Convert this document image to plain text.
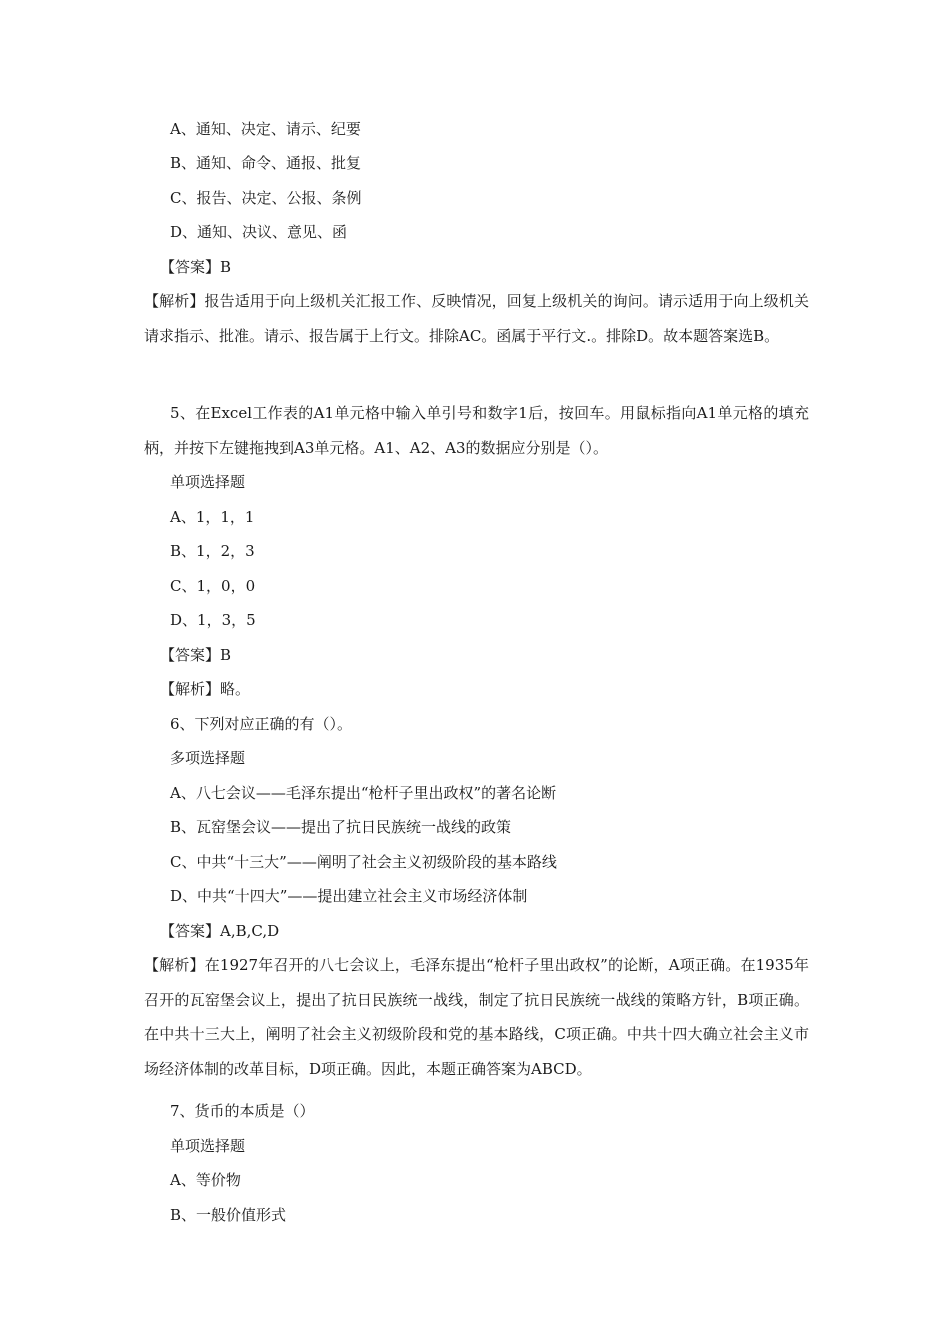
A、通知、决定、请示、纪要
B、通知、命令、通报、批复
C、报告、决定、公报、条例
D、通知、决议、意见、函
【答案】B
【解析】报告适用于向上级机关汇报工作、反映情况，回复上级机关的询问。请示适用于向上级机关请求指示、批准。请示、报告属于上行文。排除AC。函属于平行文.。排除D。故本题答案选B。
5、在Excel工作表的A1单元格中输入单引号和数字1后，按回车。用鼠标指向A1单元格的填充柄，并按下左键拖拽到A3单元格。A1、A2、A3的数据应分别是（）。
单项选择题
A、1，1，1
B、1，2，3
C、1，0，0
D、1，3，5
【答案】B
【解析】略。
6、下列对应正确的有（）。
多项选择题
A、八七会议——毛泽东提出“枪杆子里出政权”的著名论断
B、瓦窑堡会议——提出了抗日民族统一战线的政策
C、中共“十三大”——阐明了社会主义初级阶段的基本路线
D、中共“十四大”——提出建立社会主义市场经济体制
【答案】A,B,C,D
【解析】在1927年召开的八七会议上，毛泽东提出“枪杆子里出政权”的论断，A项正确。在1935年召开的瓦窑堡会议上，提出了抗日民族统一战线，制定了抗日民族统一战线的策略方针，B项正确。在中共十三大上，阐明了社会主义初级阶段和党的基本路线，C项正确。中共十四大确立社会主义市场经济体制的改革目标，D项正确。因此，本题正确答案为ABCD。
7、货币的本质是（）
单项选择题
A、等价物
B、一般价值形式
